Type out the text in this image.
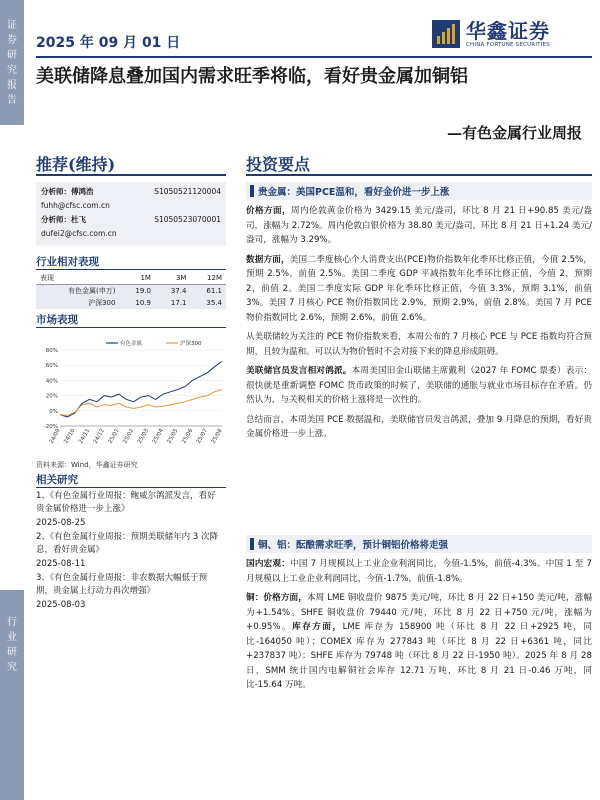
证
券
研
究
报
告
行
业
研
究
2025 年 09 月 01 日	华鑫证券
CHINA FORTUNE SECURITIES
美联储降息叠加国内需求旺季将临，看好贵金属加铜铝
—有色金属行业周报
推荐(维持)	投资要点
分析师：傅鸿浩	S1050521120004
fuhh@cfsc.com.cn
分析师：杜飞	S1050523070001
dufei2@cfsc.com.cn
行业相对表现
表现	1M	3M	12M
有色金属(申万)	19.0	37.4	61.1
沪深300	10.9	17.1	35.4
市场表现
80%
60%
40%
20%
0%
-20%
24/09 24/10 24/11 24/12 25/01 25/02 25/03 25/04 25/05 25/06 25/07 25/08
有色金属	沪深300
资料来源：Wind，华鑫证券研究
相关研究

1、《有色金属行业周报：鲍威尔鸽派发言，看好贵金属价格进一步上涨》

2025-08-25

2、《有色金属行业周报：预期美联储年内 3 次降息，看好贵金属》

2025-08-11

3、《有色金属行业周报：非农数据大幅低于预期，贵金属上行动力再次增强》

2025-08-03

贵金属：美国PCE温和，看好金价进一步上涨

价格方面，周内伦敦黄金价格为 3429.15 美元/盎司，环比 8 月 21 日+90.85 美元/盎司，涨幅为 2.72%。周内伦敦白银价格为 38.80 美元/盎司，环比 8 月 21 日+1.24 美元/盎司，涨幅为 3.29%。

数据方面，美国二季度核心个人消费支出(PCE)物价指数年化季环比修正值，今值 2.5%，预期 2.5%，前值 2.5%。美国二季度 GDP 平减指数年化季环比修正值，今值 2，预期 2，前值 2。美国二季度实际 GDP 年化季环比修正值，今值 3.3%，预期 3.1%，前值 3%。美国 7 月核心 PCE 物价指数同比 2.9%，预期 2.9%，前值 2.8%。美国 7 月 PCE 物价指数同比 2.6%，预期 2.6%，前值 2.6%。

从美联储较为关注的 PCE 物价指数来看，本周公布的 7 月核心 PCE 与 PCE 指数均符合预期，且较为温和。可以认为物价暂时不会对接下来的降息形成阻碍。

美联储官员发言相对鸽派。本周美国旧金山联储主席戴利（2027 年 FOMC 票委）表示：很快就是重新调整 FOMC 货币政策的时候了，美联储的通胀与就业市场目标存在矛盾。仍然认为，与关税相关的价格上涨将是一次性的。

总结而言，本周美国 PCE 数据温和，美联储官员发言鸽派，叠加 9 月降息的预期，看好贵金属价格进一步上涨。

铜、铝：酝酿需求旺季，预计铜铝价格将走强

国内宏观：中国 7 月规模以上工业企业利润同比，今值-1.5%，前值-4.3%。中国 1 至 7 月规模以上工业企业利润同比，今值-1.7%，前值-1.8%。

铜：价格方面，本周 LME 铜收盘价 9875 美元/吨，环比 8 月 22 日+150 美元/吨，涨幅为+1.54%。SHFE 铜收盘价 79440 元/吨，环比 8 月 22 日+750 元/吨，涨幅为+0.95%。库存方面，LME 库存为 158900 吨（环比 8 月 22 日+2925 吨，同比-164050 吨）；COMEX 库存为 277843 吨（环比 8 月 22 日+6361 吨，同比+237837 吨）；SHFE 库存为 79748 吨（环比 8 月 22 日-1950 吨）。2025 年 8 月 28 日，SMM 统计国内电解铜社会库存 12.71 万吨，环比 8 月 21 日-0.46 万吨，同比-15.64 万吨。
